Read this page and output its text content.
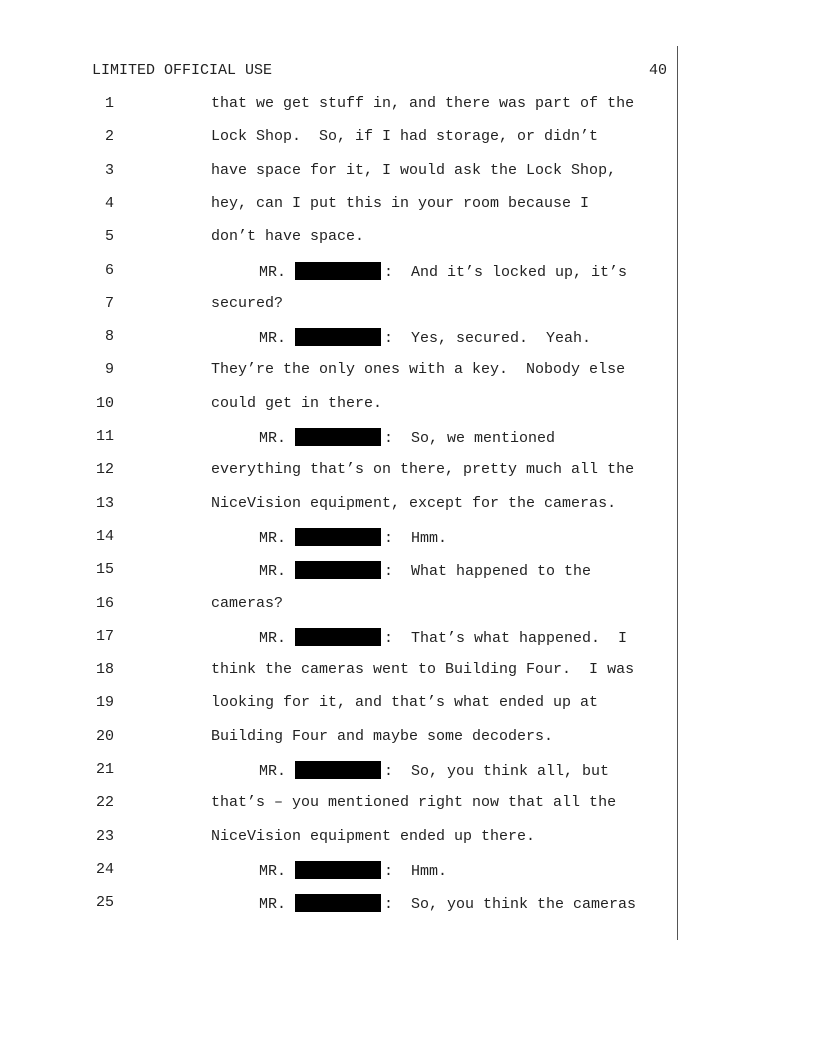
LIMITED OFFICIAL USE	40
1	that we get stuff in, and there was part of the
2	Lock Shop.  So, if I had storage, or didn’t
3	have space for it, I would ask the Lock Shop,
4	hey, can I put this in your room because I
5	don’t have space.
6	MR.	:  And it’s locked up, it’s
7	secured?
8	MR.	:  Yes, secured.  Yeah.
9	They’re the only ones with a key.  Nobody else
10	could get in there.
11	MR.	:  So, we mentioned
12	everything that’s on there, pretty much all the
13	NiceVision equipment, except for the cameras.
14	MR.	:  Hmm.
15	MR.	:  What happened to the
16	cameras?
17	MR.	:  That’s what happened.  I
18	think the cameras went to Building Four.  I was
19	looking for it, and that’s what ended up at
20	Building Four and maybe some decoders.
21	MR.	:  So, you think all, but
22	that’s – you mentioned right now that all the
23	NiceVision equipment ended up there.
24	MR.	:  Hmm.
25	MR.	:  So, you think the cameras
